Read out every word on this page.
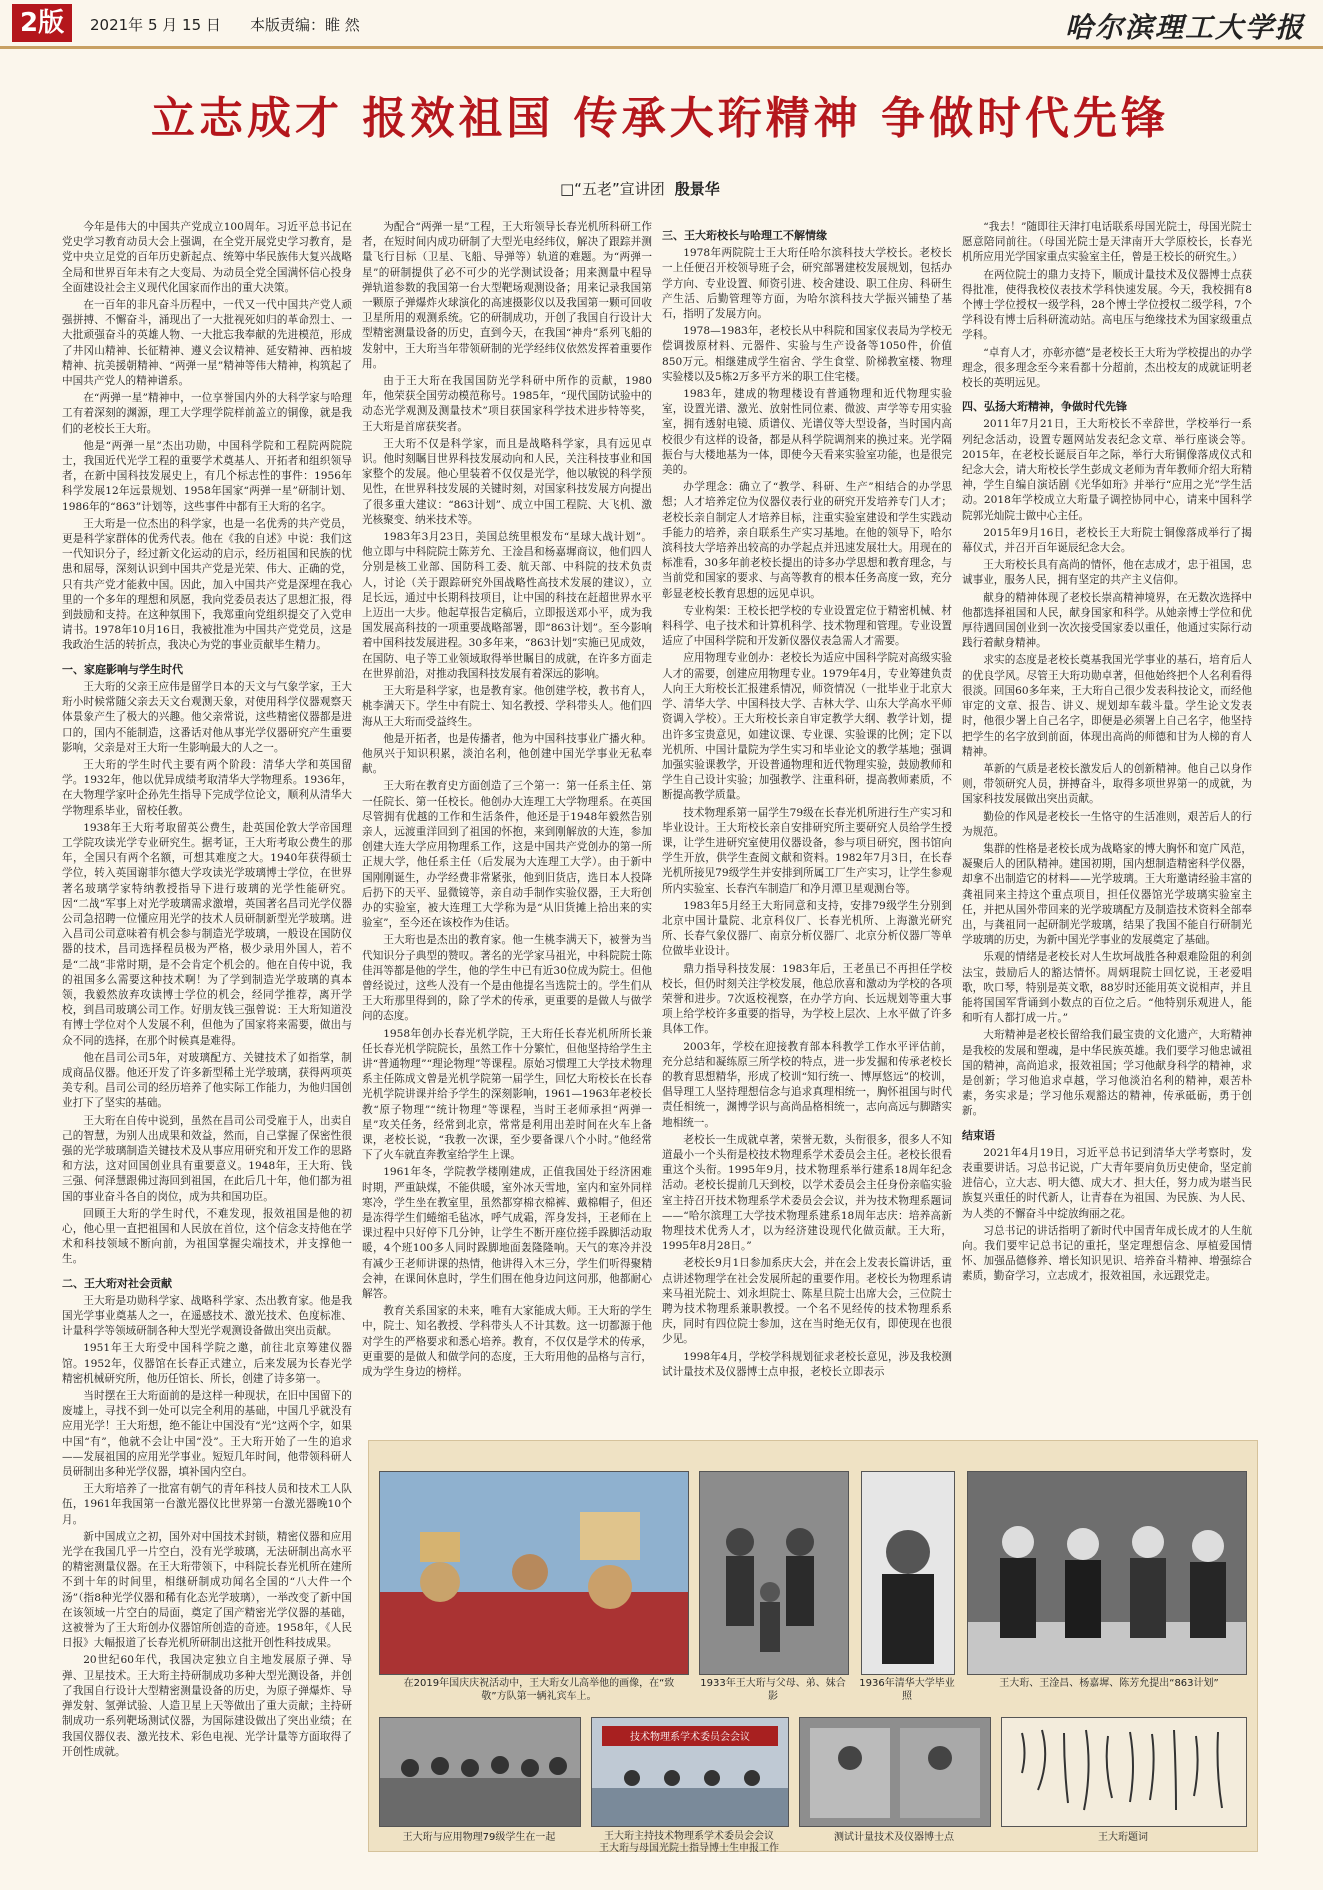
2版	2021年 5 月 15 日 本版责编：睢 然	哈尔滨理工大学报
立志成才 报效祖国 传承大珩精神 争做时代先锋
□“五老”宣讲团 殷景华

今年是伟大的中国共产党成立100周年。习近平总书记在党史学习教育动员大会上强调，在全党开展党史学习教育，是党中央立足党的百年历史新起点、统筹中华民族伟大复兴战略全局和世界百年未有之大变局、为动员全党全国满怀信心投身全面建设社会主义现代化国家而作出的重大决策。

在一百年的非凡奋斗历程中，一代又一代中国共产党人顽强拼搏、不懈奋斗，涌现出了一大批视死如归的革命烈士、一大批顽强奋斗的英雄人物、一大批忘我奉献的先进模范，形成了井冈山精神、长征精神、遵义会议精神、延安精神、西柏坡精神、抗美援朝精神、“两弹一星”精神等伟大精神，构筑起了中国共产党人的精神谱系。

在“两弹一星”精神中，一位享誉国内外的大科学家与哈理工有着深刻的渊源，理工大学理学院样前盖立的铜像，就是我们的老校长王大珩。

他是“两弹一星”杰出功勋，中国科学院和工程院两院院士，我国近代光学工程的重要学术奠基人、开拓者和组织领导者，在新中国科技发展史上，有几个标志性的事件：1956年科学发展12年远景规划、1958年国家“两弹一星”研制计划、1986年的“863”计划等，这些事件中都有王大珩的名字。

王大珩是一位杰出的科学家，也是一名优秀的共产党员，更是科学家群体的优秀代表。他在《我的自述》中说：我们这一代知识分子，经过新文化运动的启示，经历祖国和民族的忧患和屈辱，深刻认识到中国共产党是光荣、伟大、正确的党，只有共产党才能救中国。因此，加入中国共产党是深埋在我心里的一个多年的理想和夙愿，我向党委员表达了思想汇报，得到鼓励和支持。在这种氛围下，我郑重向党组织提交了入党申请书。1978年10月16日，我被批准为中国共产党党员，这是我政治生活的转折点，我决心为党的事业贡献毕生精力。

一、家庭影响与学生时代

王大珩的父亲王应伟是留学日本的天文与气象学家，王大珩小时候常随父亲去天文台观测天象，对使用科学仪器观察天体景象产生了极大的兴趣。他父亲常说，这些精密仪器都是进口的，国内不能制造，这番话对他从事光学仪器研究产生重要影响，父亲是对王大珩一生影响最大的人之一。

王大珩的学生时代主要有两个阶段：清华大学和英国留学。1932年，他以优异成绩考取清华大学物理系。1936年，在大物理学家叶企孙先生指导下完成学位论文，顺利从清华大学物理系毕业，留校任教。

1938年王大珩考取留英公费生，赴英国伦敦大学帝国理工学院攻读光学专业研究生。据考证，王大珩考取公费生的那年，全国只有两个名额，可想其难度之大。1940年获得硕士学位，转入英国谢菲尔德大学攻读光学玻璃博士学位，在世界著名玻璃学家特纳教授指导下进行玻璃的光学性能研究。因“二战”军事上对光学玻璃需求激增，英国著名昌司光学仪器公司急招聘一位懂应用光学的技术人员研制新型光学玻璃。进入昌司公司意味着有机会参与制造光学玻璃，一般设在国防仪器的技术，昌司选择程员极为严格，极少录用外国人，若不是“二战”非常时期，是不会肯定个机会的。他在自传中说，我的祖国多么需要这种技术啊！为了学到制造光学玻璃的真本领，我毅然放弃攻读博士学位的机会，经同学推荐，离开学校，到昌司玻璃公司工作。好朋友钱三强曾说：王大珩知道没有博士学位对个人发展不利，但他为了国家将来需要，做出与众不同的选择，在那个时候真是难得。

他在昌司公司5年，对玻璃配方、关键技术了如指掌，制成商品仪器。他还开发了许多新型稀土光学玻璃，获得两项英美专利。昌司公司的经历培养了他实际工作能力，为他归国创业打下了坚实的基础。

王大珩在自传中说到，虽然在昌司公司受雇于人，出卖自己的智慧，为别人出成果和效益，然而，自己掌握了保密性很强的光学玻璃制造关键技术及从事应用研究和开发工作的思路和方法，这对回国创业具有重要意义。1948年，王大珩、钱三强、何泽慧跟佛过海回到祖国，在此后几十年，他们都为祖国的事业奋斗各自的岗位，成为共和国功臣。

回顾王大珩的学生时代，不难发现，报效祖国是他的初心，他心里一直把祖国和人民放在首位，这个信念支持他在学术和科技领域不断向前，为祖国掌握尖端技术，并支撑他一生。

二、王大珩对社会贡献

王大珩是功勋科学家、战略科学家、杰出教育家。他是我国光学事业奠基人之一，在遥感技术、激光技术、色度标准、计量科学等领域研制各种大型光学观测设备做出突出贡献。

1951年王大珩受中国科学院之邀，前往北京筹建仪器馆。1952年，仪器馆在长春正式建立，后来发展为长春光学精密机械研究所，他历任馆长、所长，创建了诗多第一。

当时摆在王大珩面前的是这样一种现状，在旧中国留下的废墟上，寻找不到一处可以完全利用的基础，中国几乎就没有应用光学！王大珩想，绝不能让中国没有“光”这两个字，如果中国“有”，他就不会让中国“没”。王大珩开始了一生的追求——发展祖国的应用光学事业。短短几年时间，他带领科研人员研制出多种光学仪器，填补国内空白。

王大珩培养了一批富有朝气的青年科技人员和技术工人队伍，1961年我国第一台激光器仪比世界第一台激光器晚10个月。

新中国成立之初，国外对中国技术封锁，精密仪器和应用光学在我国几乎一片空白，没有光学玻璃，无法研制出高水平的精密测量仪器。在王大珩带领下，中科院长春光机所在建所不到十年的时间里，相继研制成功闻名全国的“八大件一个汤”（指8种光学仪器和稀有化态光学玻璃），一举改变了新中国在该领域一片空白的局面，奠定了国产精密光学仪器的基础，这被誉为了王大珩创办仪器馆所创造的奇迹。1958年，《人民日报》大幅报道了长春光机所研制出这批开创性科技成果。

20世纪60年代，我国决定独立自主地发展原子弹、导弹、卫星技术。王大珩主持研制成功多种大型光测设备，并创了我国自行设计大型精密测量设备的历史，为原子弹爆炸、导弹发射、氢弹试验、人造卫星上天等做出了重大贡献；主持研制成功一系列靶场测试仪器，为国际建设做出了突出业绩；在我国仪器仪表、激光技术、彩色电视、光学计量等方面取得了开创性成就。

为配合“两弹一星”工程，王大珩领导长春光机所科研工作者，在短时间内成功研制了大型光电经纬仪，解决了跟踪并测量飞行目标（卫星、飞船、导弹等）轨道的难题。为“两弹一星”的研制提供了必不可少的光学测试设备；用来测量中程导弹轨道参数的我国第一台大型靶场观测设备；用来记录我国第一颗原子弹爆炸火球演化的高速摄影仪以及我国第一颗可回收卫星所用的观测系统。它的研制成功，开创了我国自行设计大型精密测量设备的历史，直到今天，在我国“神舟”系列飞船的发射中，王大珩当年带领研制的光学经纬仪依然发挥着重要作用。

由于王大珩在我国国防光学科研中所作的贡献，1980年，他荣获全国劳动模范称号。1985年，“现代国防试验中的动态光学观测及测量技术”项目获国家科学技术进步特等奖，王大珩是首席获奖者。

王大珩不仅是科学家，而且是战略科学家，具有远见卓识。他时刻瞩目世界科技发展动向和人民，关注科技事业和国家整个的发展。他心里装着不仅仅是光学，他以敏锐的科学预见性，在世界科技发展的关键时刻，对国家科技发展方向提出了很多重大建议：“863计划”、成立中国工程院、大飞机、激光核聚变、纳米技术等。

1983年3月23日，美国总统里根发布“星球大战计划”。他立即与中科院院士陈芳允、王淦昌和杨嘉墀商议，他们四人分别是核工业部、国防科工委、航天部、中科院的技术负责人，讨论（关于跟踪研究外国战略性高技术发展的建议），立足长远，通过中长期科技项目，让中国的科技在赶超世界水平上迈出一大步。他起草报告定稿后，立即报送邓小平，成为我国发展高科技的一项重要战略部署，即“863计划”。至今影响着中国科技发展进程。30多年来，“863计划”实施已见成效，在国防、电子等工业领域取得举世瞩目的成就，在许多方面走在世界前沿，对推动我国科技发展有着深远的影响。

王大珩是科学家，也是教育家。他创建学校，教书育人，桃李满天下。学生中有院士、知名教授、学科带头人。他们四海从王大珩而受益终生。

他是开拓者，也是传播者，他为中国科技事业广播火种。他夙兴于知识积累，淡泊名利，他创建中国光学事业无私奉献。

王大珩在教育史方面创造了三个第一：第一任系主任、第一任院长、第一任校长。他创办大连理工大学物理系。在英国尽管拥有优越的工作和生活条件，他还是于1948年毅然告别亲人，远渡重洋回到了祖国的怀抱，来到刚解放的大连，参加创建大连大学应用物理系工作，这是中国共产党创办的第一所正规大学，他任系主任（后发展为大连理工大学）。由于新中国刚刚诞生，办学经费非常紧张，他到旧货店，选日本人投降后扔下的天平、显微镜等，亲自动手制作实验仪器，王大珩创办的实验室，被大连理工大学称为是“从旧货摊上拾出来的实验室”，至今还在该校作为佳话。

王大珩也是杰出的教育家。他一生桃李满天下，被誉为当代知识分子典型的赞叹。著名的光学家马祖光，中科院院士陈佳洱等都是他的学生，他的学生中已有近30位成为院士。但他曾经说过，这些人没有一个是由他提名当选院士的。学生们从王大珩那里得到的，除了学术的传承，更重要的是做人与做学问的态度。

1958年创办长春光机学院，王大珩任长春光机所所长兼任长春光机学院院长，虽然工作十分繁忙，但他坚持给学生主讲“普通物理”“理论物理”等课程。原始习惯理工大学技术物理系主任陈成文曾是光机学院第一届学生，回忆大珩校长在长春光机学院讲课并给予学生的深刻影响，1961—1963年老校长教“原子物理”“统计物理”等课程，当时王老师承担“两弹一星”攻关任务，经常到北京，常常是利用出差时间在火车上备课，老校长说，“我教一次课，至少要备课八个小时。”他经常下了火车就直奔教室给学生上课。

1961年冬，学院教学楼刚建成，正值我国处于经济困难时期，严重缺煤，不能供暖，室外冰天雪地，室内和室外同样寒冷，学生坐在教室里，虽然都穿棉衣棉裤、戴棉帽子，但还是冻得学生们蜷缩毛毡冰，呼气成霜，浑身发抖，王老师在上课过程中只好停下几分钟，让学生不断开座位搓手跺脚活动取暖，4个班100多人同时跺脚地面轰隆隆响。天气的寒冷并没有减少王老师讲课的热情，他讲得入木三分，学生们听得聚精会神，在课间休息时，学生们围在他身边问这问那，他都耐心解答。

教育关系国家的未来，唯有大家能成大师。王大珩的学生中，院士、知名教授、学科带头人不计其数。这一切都源于他对学生的严格要求和悉心培养。教育，不仅仅是学术的传承，更重要的是做人和做学问的态度，王大珩用他的品格与言行，成为学生身边的榜样。

三、王大珩校长与哈理工不解情缘

1978年两院院士王大珩任哈尔滨科技大学校长。老校长一上任便召开校领导班子会，研究部署建校发展规划，包括办学方向、专业设置、师资引进、校舍建设、职工住房、科研生产生活、后勤管理等方面，为哈尔滨科技大学振兴铺垫了基石，指明了发展方向。

1978—1983年，老校长从中科院和国家仪表局为学校无偿调拨原材料、元器件、实验与生产设备等1050件，价值850万元。相继建成学生宿舍、学生食堂、阶梯教室楼、物理实验楼以及5栋2万多平方米的职工住宅楼。

1983年，建成的物理楼设有普通物理和近代物理实验室，设置光谱、激光、放射性同位素、微波、声学等专用实验室，拥有透射电镜、质谱仪、光谱仪等大型设备，当时国内高校很少有这样的设备，都是从科学院调剂来的换过来。光学隔振台与大楼地基为一体，即使今天看来实验室功能，也是很完美的。

办学理念：确立了“教学、科研、生产”相结合的办学思想；人才培养定位为仪器仪表行业的研究开发培养专门人才；老校长亲自制定人才培养目标，注重实验室建设和学生实践动手能力的培养，亲自联系生产实习基地。在他的领导下，哈尔滨科技大学培养出较高的办学起点并迅速发展壮大。用现在的标准看，30多年前老校长提出的诗多办学思想和教育理念，与当前党和国家的要求、与高等教育的根本任务高度一致，充分彰显老校长教育思想的远见卓识。

专业构架：王校长把学校的专业设置定位于精密机械、材料科学、电子技术和计算机科学、技术物理和管理。专业设置适应了中国科学院和开发新仪器仪表急需人才需要。

应用物理专业创办：老校长为适应中国科学院对高级实验人才的需要，创建应用物理专业。1979年4月，专业筹建负责人向王大珩校长汇报建系情况，师资情况（一批毕业于北京大学、清华大学、中国科技大学、吉林大学、山东大学高水平师资调入学校）。王大珩校长亲自审定教学大纲、教学计划，提出许多宝贵意见，如建议课、专业课、实验课的比例；定下以光机所、中国计量院为学生实习和毕业论文的教学基地；强调加强实验课教学，开设普通物理和近代物理实验，鼓励教师和学生自己设计实验；加强教学、注重科研，提高教师素质，不断提高教学质量。

技术物理系第一届学生79级在长春光机所进行生产实习和毕业设计。王大珩校长亲自安排研究所主要研究人员给学生授课，让学生进研究室使用仪器设备，参与项目研究，图书馆向学生开放，供学生查阅文献和资料。1982年7月3日，在长春光机所接见79级学生并安排到所属工厂生产实习，让学生参观所内实验室、长春汽车制造厂和净月潭卫星观测台等。

1983年5月经王大珩同意和支持，安排79级学生分别到北京中国计量院、北京科仪厂、长春光机所、上海激光研究所、长春气象仪器厂、南京分析仪器厂、北京分析仪器厂等单位做毕业设计。

鼎力指导科技发展：1983年后，王老虽已不再担任学校校长，但仍时刻关注学校发展，他总欣喜和激动为学校的各项荣誉和进步。7次返校视察，在办学方向、长远规划等重大事项上给学校许多重要的指导，为学校上层次、上水平做了许多具体工作。

2003年，学校在迎接教育部本科教学工作水平评估前，充分总结和凝练原三所学校的特点，进一步发掘和传承老校长的教育思想精华，形成了校训“知行统一、博厚悠远”的校训，倡导理工人坚持理想信念与追求真理相统一，胸怀祖国与时代责任相统一，渊博学识与高尚品格相统一，志向高远与脚踏实地相统一。

老校长一生成就卓著，荣誉无数，头衔很多，很多人不知道最小一个头衔是校技术物理系学术委员会主任。老校长很看重这个头衔。1995年9月，技术物理系举行建系18周年纪念活动。老校长提前几天到校，以学术委员会主任身份亲临实验室主持召开技术物理系学术委员会会议，并为技术物理系题词——“哈尔滨理工大学技术物理系建系18周年志庆：培养高新物理技术优秀人才，以为经济建设现代化做贡献。王大珩，1995年8月28日。”

老校长9月1日参加系庆大会，并在会上发表长篇讲话，重点讲述物理学在社会发展所起的重要作用。老校长为物理系请来马祖光院士、刘永坦院士、陈星旦院士出席大会，三位院士聘为技术物理系兼职教授。一个名不见经传的技术物理系系庆，同时有四位院士参加，这在当时绝无仅有，即使现在也很少见。

1998年4月，学校学科规划征求老校长意见，涉及我校测试计量技术及仪器博士点申报，老校长立即表示

“我去！”随即往天津打电话联系母国光院士，母国光院士愿意陪同前往。（母国光院士是天津南开大学原校长，长春光机所应用光学国家重点实验室主任，曾是王校长的研究生。）

在两位院士的鼎力支持下，顺成计量技术及仪器博士点获得批准，使得我校仪表技术学科快速发展。今天，我校拥有8个博士学位授权一级学科，28个博士学位授权二级学科，7个学科设有博士后科研流动站。高电压与绝缘技术为国家级重点学科。

“卓育人才，亦彰亦德”是老校长王大珩为学校提出的办学理念，很多理念至今来看都十分超前，杰出校友的成就证明老校长的英明远见。

四、弘扬大珩精神，争做时代先锋

2011年7月21日，王大珩校长不幸辞世，学校举行一系列纪念活动，设置专题网站发表纪念文章、举行座谈会等。2015年，在老校长诞辰百年之际，举行大珩铜像落成仪式和纪念大会，请大珩校长学生彭成文老师为青年教师介绍大珩精神，学生自编自演话剧《光华如珩》并举行“应用之光”学生活动。2018年学校成立大珩量子调控协同中心，请来中国科学院郭光灿院士做中心主任。

2015年9月16日，老校长王大珩院士铜像落成举行了揭幕仪式，并召开百年诞辰纪念大会。

王大珩校长具有高尚的情怀，他在志成才，忠于祖国，忠诚事业，服务人民，拥有坚定的共产主义信仰。

献身的精神体现了老校长崇高精神境界，在无数次选择中他都选择祖国和人民，献身国家和科学。从她亲博士学位和优厚待遇回国创业到一次次接受国家委以重任，他通过实际行动践行着献身精神。

求实的态度是老校长奠基我国光学事业的基石，培育后人的优良学风。尽管王大珩功勋卓著，但他始终把个人名利看得很淡。回国60多年来，王大珩自己很少发表科技论文，而经他审定的文章、报告、讲义、规划却车载斗量。学生论文发表时，他很少署上自己名字，即便是必须署上自己名字，他坚持把学生的名字放到前面，体现出高尚的师德和甘为人梯的育人精神。

革新的气质是老校长激发后人的创新精神。他自己以身作则，带领研究人员，拼搏奋斗，取得多项世界第一的成就，为国家科技发展做出突出贡献。

勤俭的作风是老校长一生恪守的生活准则，艰苦后人的行为规范。

集群的性格是老校长成为战略家的博大胸怀和宽广风范，凝聚后人的团队精神。建国初期，国内想制造精密科学仪器，却拿不出制造它的材料——光学玻璃。王大珩邀请经验丰富的龚祖同来主持这个重点项目，担任仪器馆光学玻璃实验室主任，并把从国外带回来的光学玻璃配方及制造技术资料全部奉出，与龚祖同一起研制光学玻璃，结果了我国不能自行研制光学玻璃的历史，为新中国光学事业的发展奠定了基础。

乐观的情绪是老校长对人生坎坷战胜各种艰难险阻的利剑法宝，鼓励后人的豁达情怀。周炳琨院士回忆说，王老爱唱歌，吹口琴，特别是英文歌，88岁时还能用英文说相声，并且能将国国军背诵到小数点的百位之后。“他特别乐观进人，能和听有人都打成一片。”

大珩精神是老校长留给我们最宝贵的文化遗产，大珩精神是我校的发展和塑魂，是中华民族英雄。我们要学习他忠诚祖国的精神，高尚追求，报效祖国；学习他献身科学的精神，求是创新；学习他追求卓越，学习他淡泊名利的精神，艰苦朴素，务实求是；学习他乐观豁达的精神，传承砥砺，勇于创新。

结束语

2021年4月19日，习近平总书记到清华大学考察时，发表重要讲话。习总书记说，广大青年要肩负历史使命，坚定前进信心，立大志、明大德、成大才、担大任，努力成为堪当民族复兴重任的时代新人，让青春在为祖国、为民族、为人民、为人类的不懈奋斗中绽放绚丽之花。

习总书记的讲话指明了新时代中国青年成长成才的人生航向。我们要牢记总书记的重托，坚定理想信念、厚植爱国情怀、加强品德修养、增长知识见识、培养奋斗精神、增强综合素质，勤奋学习，立志成才，报效祖国，永远跟党走。

在2019年国庆庆祝活动中，王大珩女儿高举他的画像，在“致敬”方队第一辆礼宾车上。
1933年王大珩与父母、弟、妹合影
1936年清华大学毕业照
王大珩、王淦昌、杨嘉墀、陈芳允提出“863计划”
王大珩与应用物理79级学生在一起
技术物理系学术委员会会议
王大珩主持技术物理系学术委员会会议
王大珩与母国光院士指导博士生申报工作
测试计量技术及仪器博士点
我为哈尔滨理工大学题词 培养高新技术人才 为经济建设服务 王大珩
王大珩题词
